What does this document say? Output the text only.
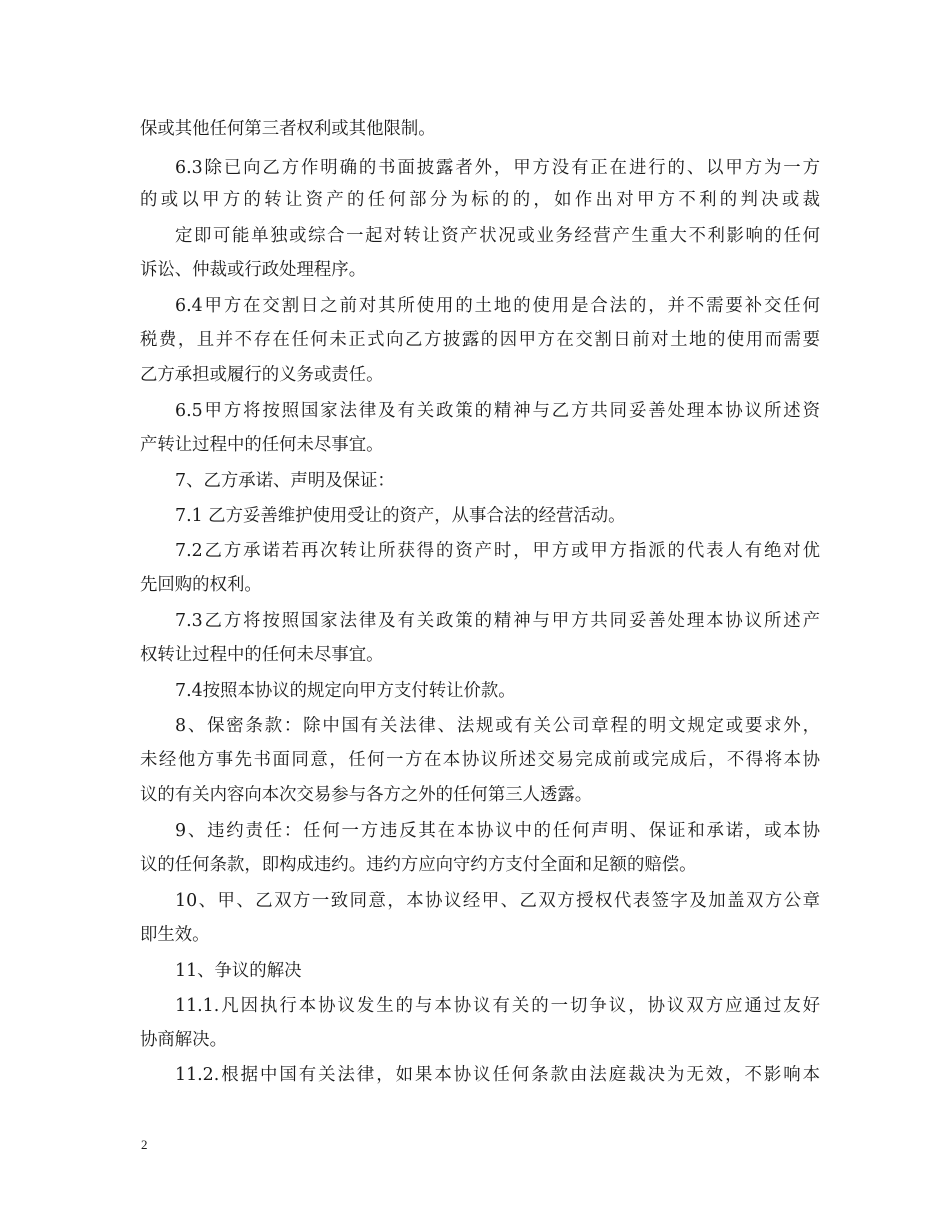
保或其他任何第三者权利或其他限制。
6.3除已向乙方作明确的书面披露者外，甲方没有正在进行的、以甲方为一方
的或以甲方的转让资产的任何部分为标的的，如作出对甲方不利的判决或裁
定即可能单独或综合一起对转让资产状况或业务经营产生重大不利影响的任何
诉讼、仲裁或行政处理程序。
6.4甲方在交割日之前对其所使用的土地的使用是合法的，并不需要补交任何
税费，且并不存在任何未正式向乙方披露的因甲方在交割日前对土地的使用而需要
乙方承担或履行的义务或责任。
6.5甲方将按照国家法律及有关政策的精神与乙方共同妥善处理本协议所述资
产转让过程中的任何未尽事宜。
7、乙方承诺、声明及保证：
7.1 乙方妥善维护使用受让的资产，从事合法的经营活动。
7.2乙方承诺若再次转让所获得的资产时，甲方或甲方指派的代表人有绝对优
先回购的权利。
7.3乙方将按照国家法律及有关政策的精神与甲方共同妥善处理本协议所述产
权转让过程中的任何未尽事宜。
7.4按照本协议的规定向甲方支付转让价款。
8、保密条款：除中国有关法律、法规或有关公司章程的明文规定或要求外，
未经他方事先书面同意，任何一方在本协议所述交易完成前或完成后，不得将本协
议的有关内容向本次交易参与各方之外的任何第三人透露。
9、违约责任：任何一方违反其在本协议中的任何声明、保证和承诺，或本协
议的任何条款，即构成违约。违约方应向守约方支付全面和足额的赔偿。
10、甲、乙双方一致同意，本协议经甲、乙双方授权代表签字及加盖双方公章
即生效。
11、争议的解决
11.1.凡因执行本协议发生的与本协议有关的一切争议，协议双方应通过友好
协商解决。
11.2.根据中国有关法律，如果本协议任何条款由法庭裁决为无效，不影响本
2
